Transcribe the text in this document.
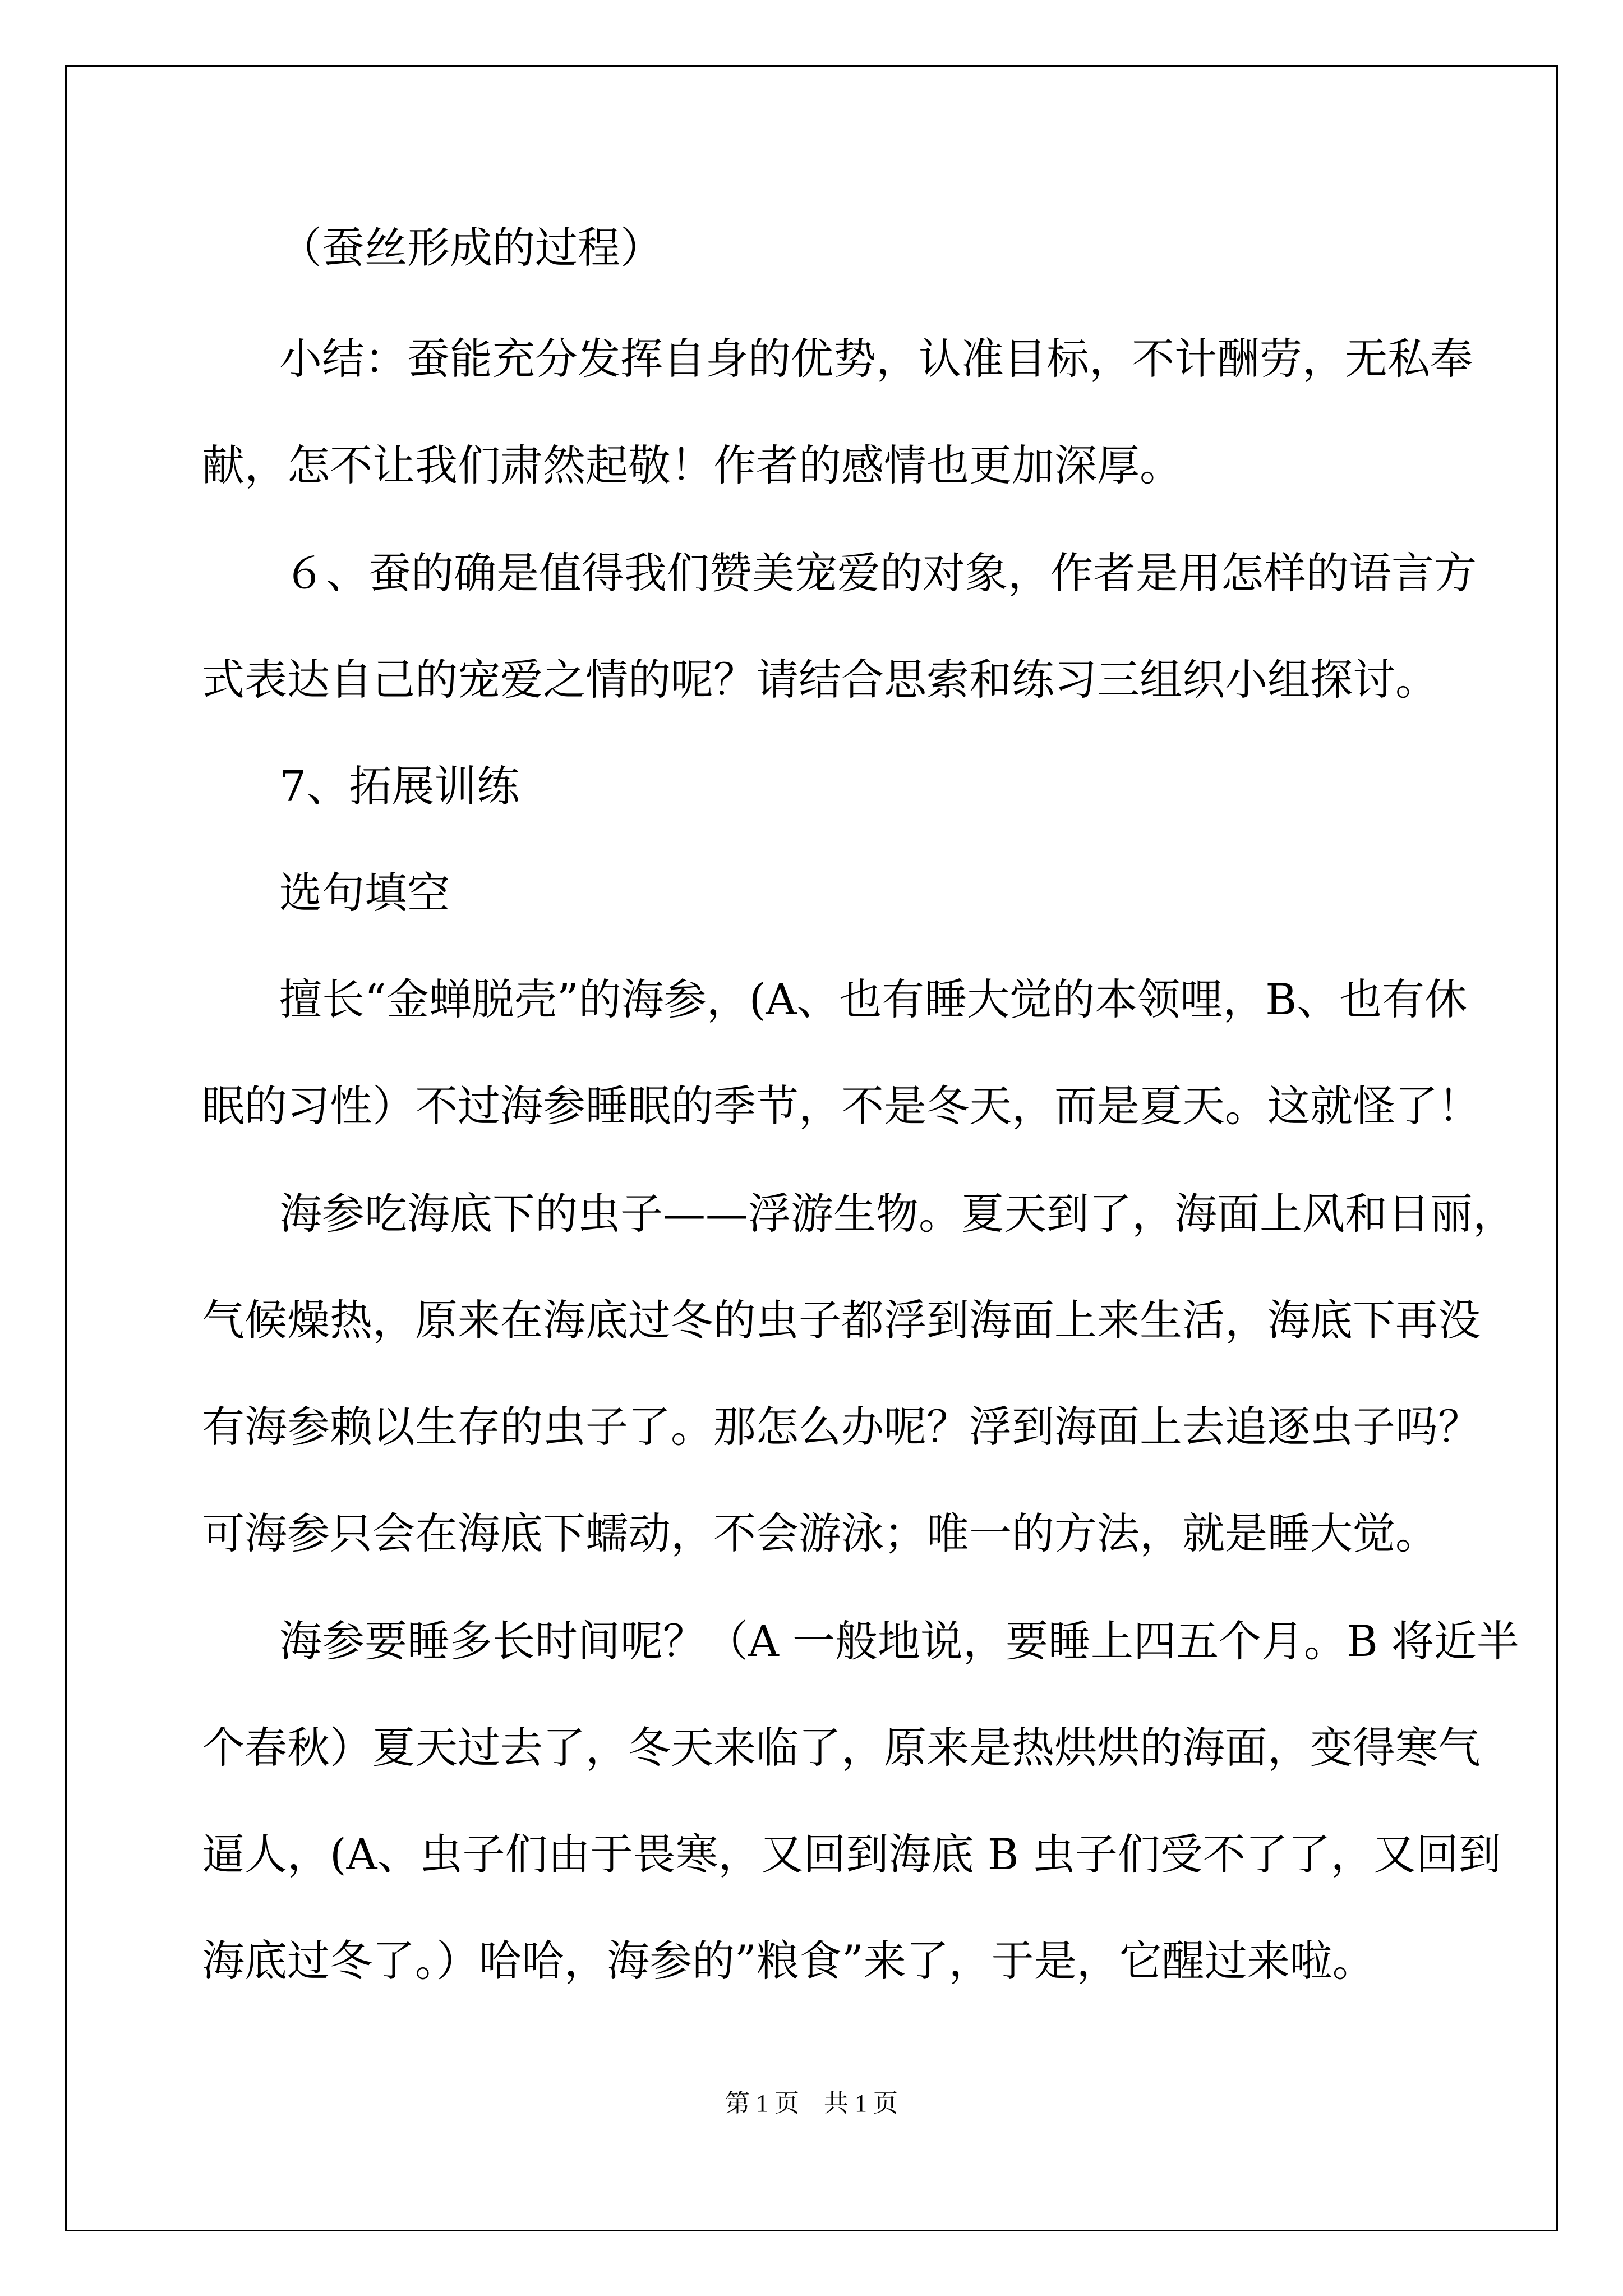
（蚕丝形成的过程）

小结：蚕能充分发挥自身的优势，认准目标，不计酬劳，无私奉

献，怎不让我们肃然起敬！作者的感情也更加深厚。

６、蚕的确是值得我们赞美宠爱的对象，作者是用怎样的语言方

式表达自己的宠爱之情的呢？请结合思索和练习三组织小组探讨。

7、拓展训练

选句填空

擅长“金蝉脱壳”的海参，(A、也有睡大觉的本领哩，B、也有休

眠的习性）不过海参睡眠的季节，不是冬天，而是夏天。这就怪了！

海参吃海底下的虫子——浮游生物。夏天到了，海面上风和日丽，

气候燥热，原来在海底过冬的虫子都浮到海面上来生活，海底下再没

有海参赖以生存的虫子了。那怎么办呢？浮到海面上去追逐虫子吗？

可海参只会在海底下蠕动，不会游泳；唯一的方法，就是睡大觉。

海参要睡多长时间呢？（A 一般地说，要睡上四五个月。B 将近半

个春秋）夏天过去了，冬天来临了，原来是热烘烘的海面，变得寒气

逼人，(A、虫子们由于畏寒，又回到海底 B 虫子们受不了了，又回到

海底过冬了。）哈哈，海参的”粮食”来了，于是，它醒过来啦。

第 1 页　共 1 页
